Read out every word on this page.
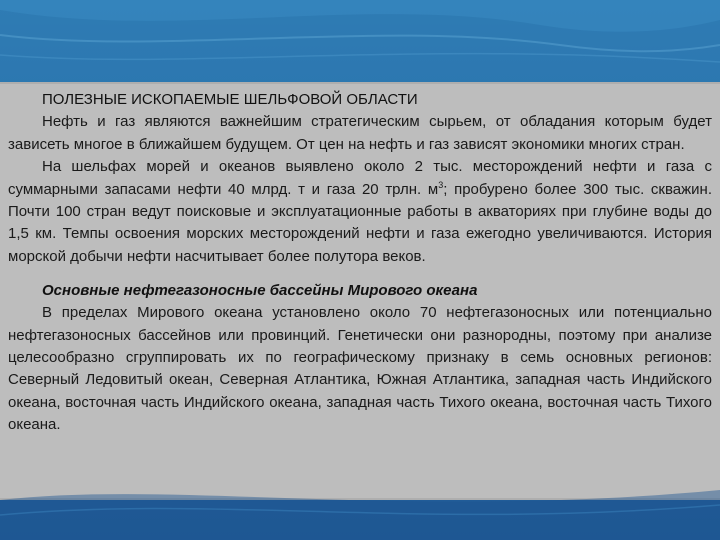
ПОЛЕЗНЫЕ ИСКОПАЕМЫЕ ШЕЛЬФОВОЙ ОБЛАСТИ

Нефть и газ являются важнейшим стратегическим сырьем, от обладания которым будет зависеть многое в ближайшем будущем. От цен на нефть и газ зависят экономики многих стран.

На шельфах морей и океанов выявлено около 2 тыс. месторождений нефти и газа с суммарными запасами нефти 40 млрд. т и газа 20 трлн. $м^3$; пробурено более 300 тыс. скважин. Почти 100 стран ведут поисковые и эксплуатационные работы в акваториях при глубине воды до 1,5 км. Темпы освоения морских месторождений нефти и газа ежегодно увеличиваются. История морской добычи нефти насчитывает более полутора веков.

Основные нефтегазоносные бассейны Мирового океана

В пределах Мирового океана установлено около 70 нефтегазоносных или потенциально нефтегазоносных бассейнов или провинций. Генетически они разнородны, поэтому при анализе целесообразно сгруппировать их по географическому признаку в семь основных регионов: Северный Ледовитый океан, Северная Атлантика, Южная Атлантика, западная часть Индийского океана, восточная часть Индийского океана, западная часть Тихого океана, восточная часть Тихого океана.
